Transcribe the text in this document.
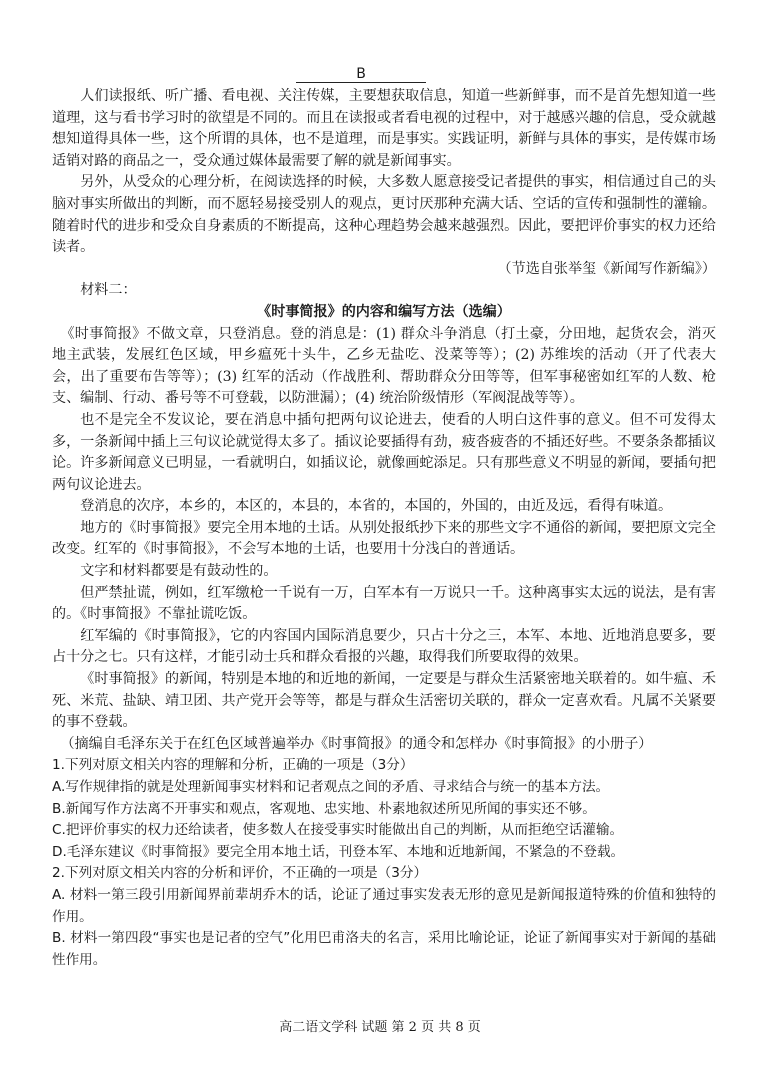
B

人们读报纸、听广播、看电视、关注传媒，主要想获取信息，知道一些新鲜事，而不是首先想知道一些道理，这与看书学习时的欲望是不同的。而且在读报或者看电视的过程中，对于越感兴趣的信息，受众就越想知道得具体一些，这个所谓的具体，也不是道理，而是事实。实践证明，新鲜与具体的事实，是传媒市场适销对路的商品之一，受众通过媒体最需要了解的就是新闻事实。

另外，从受众的心理分析，在阅读选择的时候，大多数人愿意接受记者提供的事实，相信通过自己的头脑对事实所做出的判断，而不愿轻易接受别人的观点，更讨厌那种充满大话、空话的宣传和强制性的灌输。随着时代的进步和受众自身素质的不断提高，这种心理趋势会越来越强烈。因此，要把评价事实的权力还给读者。

（节选自张举玺《新闻写作新编》）

材料二：

《时事简报》的内容和编写方法（选编）

《时事简报》不做文章，只登消息。登的消息是：(1) 群众斗争消息（打土豪，分田地，起货农会，消灭地主武装，发展红色区域，甲乡瘟死十头牛，乙乡无盐吃、没菜等等）；(2) 苏维埃的活动（开了代表大会，出了重要布告等等）；(3) 红军的活动（作战胜利、帮助群众分田等等，但军事秘密如红军的人数、枪支、编制、行动、番号等不可登载，以防泄漏）；(4) 统治阶级情形（军阀混战等等）。

也不是完全不发议论，要在消息中插句把两句议论进去，使看的人明白这件事的意义。但不可发得太多，一条新闻中插上三句议论就觉得太多了。插议论要插得有劲，疲沓疲沓的不插还好些。不要条条都插议论。许多新闻意义已明显，一看就明白，如插议论，就像画蛇添足。只有那些意义不明显的新闻，要插句把两句议论进去。

登消息的次序，本乡的，本区的，本县的，本省的，本国的，外国的，由近及远，看得有味道。

地方的《时事简报》要完全用本地的土话。从别处报纸抄下来的那些文字不通俗的新闻，要把原文完全改变。红军的《时事简报》，不会写本地的土话，也要用十分浅白的普通话。

文字和材料都要是有鼓动性的。

但严禁扯谎，例如，红军缴枪一千说有一万，白军本有一万说只一千。这种离事实太远的说法，是有害的。《时事简报》不靠扯谎吃饭。

红军编的《时事简报》，它的内容国内国际消息要少，只占十分之三，本军、本地、近地消息要多，要占十分之七。只有这样，才能引动士兵和群众看报的兴趣，取得我们所要取得的效果。

《时事简报》的新闻，特别是本地的和近地的新闻，一定要是与群众生活紧密地关联着的。如牛瘟、禾死、米荒、盐缺、靖卫团、共产党开会等等，都是与群众生活密切关联的，群众一定喜欢看。凡属不关紧要的事不登载。

（摘编自毛泽东关于在红色区域普遍举办《时事简报》的通令和怎样办《时事简报》的小册子）

1.下列对原文相关内容的理解和分析，正确的一项是（3分）

A.写作规律指的就是处理新闻事实材料和记者观点之间的矛盾、寻求结合与统一的基本方法。

B.新闻写作方法离不开事实和观点，客观地、忠实地、朴素地叙述所见所闻的事实还不够。

C.把评价事实的权力还给读者，使多数人在接受事实时能做出自己的判断，从而拒绝空话灌输。

D.毛泽东建议《时事简报》要完全用本地土话，刊登本军、本地和近地新闻，不紧急的不登载。

2.下列对原文相关内容的分析和评价，不正确的一项是（3分）

A. 材料一第三段引用新闻界前辈胡乔木的话，论证了通过事实发表无形的意见是新闻报道特殊的价值和独特的作用。

B. 材料一第四段“事实也是记者的空气”化用巴甫洛夫的名言，采用比喻论证，论证了新闻事实对于新闻的基础性作用。

高二语文学科 试题 第 2 页 共 8 页
